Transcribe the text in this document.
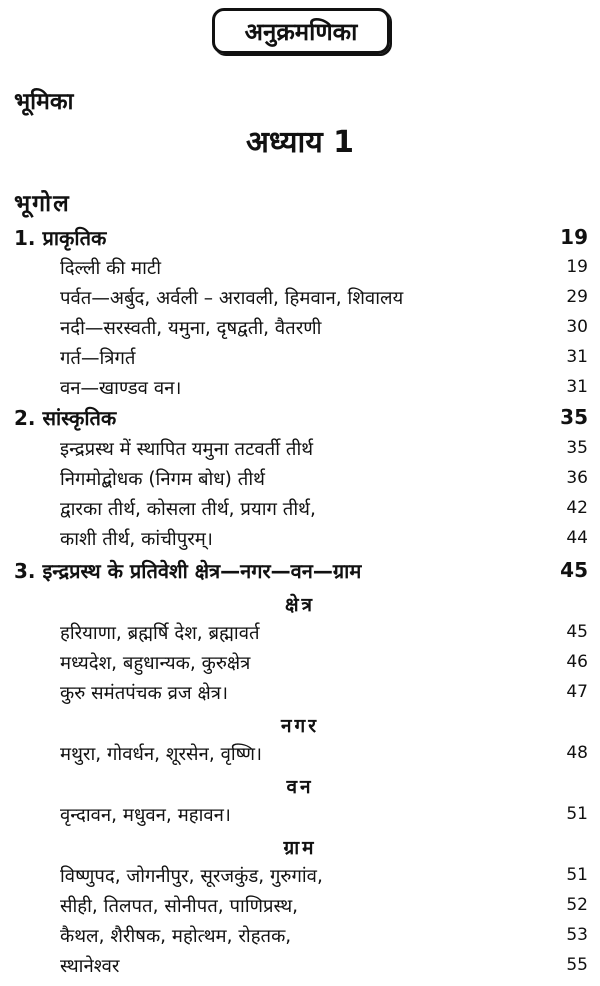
अनुक्रमणिका
भूमिका
अध्याय 1
भूगोल
1. प्राकृतिक	19
दिल्ली की माटी	19
पर्वत—अर्बुद, अर्वली – अरावली, हिमवान, शिवालय	29
नदी—सरस्वती, यमुना, दृषद्वती, वैतरणी	30
गर्त—त्रिगर्त	31
वन—खाण्डव वन।	31
2. सांस्कृतिक	35
इन्द्रप्रस्थ में स्थापित यमुना तटवर्ती तीर्थ	35
निगमोद्बोधक (निगम बोध) तीर्थ	36
द्वारका तीर्थ, कोसला तीर्थ, प्रयाग तीर्थ,	42
काशी तीर्थ, कांचीपुरम्।	44
3. इन्द्रप्रस्थ के प्रतिवेशी क्षेत्र—नगर—वन—ग्राम	45
क्षेत्र
हरियाणा, ब्रह्मर्षि देश, ब्रह्मावर्त	45
मध्यदेश, बहुधान्यक, कुरुक्षेत्र	46
कुरु समंतपंचक व्रज क्षेत्र।	47
नगर
मथुरा, गोवर्धन, शूरसेन, वृष्णि।	48
वन
वृन्दावन, मधुवन, महावन।	51
ग्राम
विष्णुपद, जोगनीपुर, सूरजकुंड, गुरुगांव,	51
सीही, तिलपत, सोनीपत, पाणिप्रस्थ,	52
कैथल, शैरीषक, महोत्थम, रोहतक,	53
स्थानेश्वर	55
